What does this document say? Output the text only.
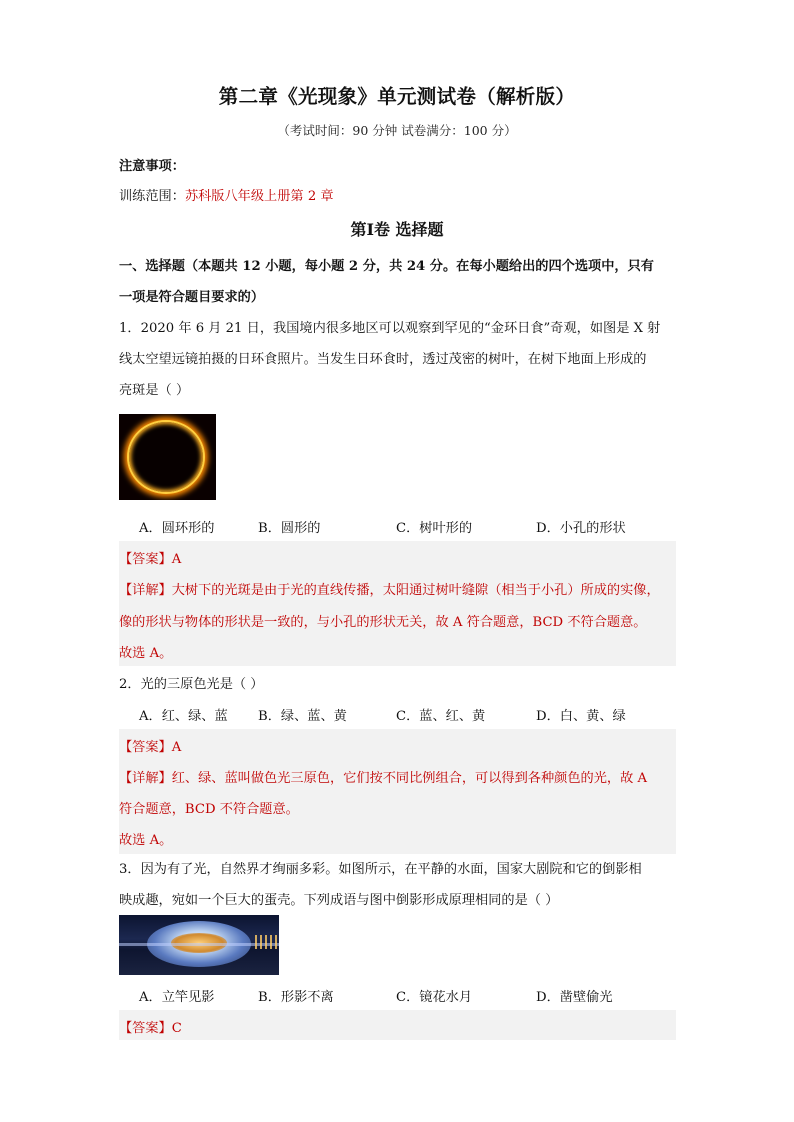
第二章《光现象》单元测试卷（解析版）
（考试时间：90 分钟 试卷满分：100 分）
注意事项：
训练范围：苏科版八年级上册第 2 章
第Ⅰ卷 选择题
一、选择题（本题共 12 小题，每小题 2 分，共 24 分。在每小题给出的四个选项中，只有
一项是符合题目要求的）
1．2020 年 6 月 21 日，我国境内很多地区可以观察到罕见的“金环日食”奇观，如图是 X 射
线太空望远镜拍摄的日环食照片。当发生日环食时，透过茂密的树叶，在树下地面上形成的
亮斑是（ ）
A．圆环形的	B．圆形的	C．树叶形的	D．小孔的形状
【答案】A
【详解】大树下的光斑是由于光的直线传播，太阳通过树叶缝隙（相当于小孔）所成的实像，
像的形状与物体的形状是一致的，与小孔的形状无关，故 A 符合题意，BCD 不符合题意。
故选 A。
2．光的三原色光是（ ）
A．红、绿、蓝 B．绿、蓝、黄	C．蓝、红、黄	D．白、黄、绿
【答案】A
【详解】红、绿、蓝叫做色光三原色，它们按不同比例组合，可以得到各种颜色的光，故 A
符合题意，BCD 不符合题意。
故选 A。
3．因为有了光，自然界才绚丽多彩。如图所示，在平静的水面，国家大剧院和它的倒影相
映成趣，宛如一个巨大的蛋壳。下列成语与图中倒影形成原理相同的是（ ）
A．立竿见影	B．形影不离	C．镜花水月	D．凿壁偷光
【答案】C
